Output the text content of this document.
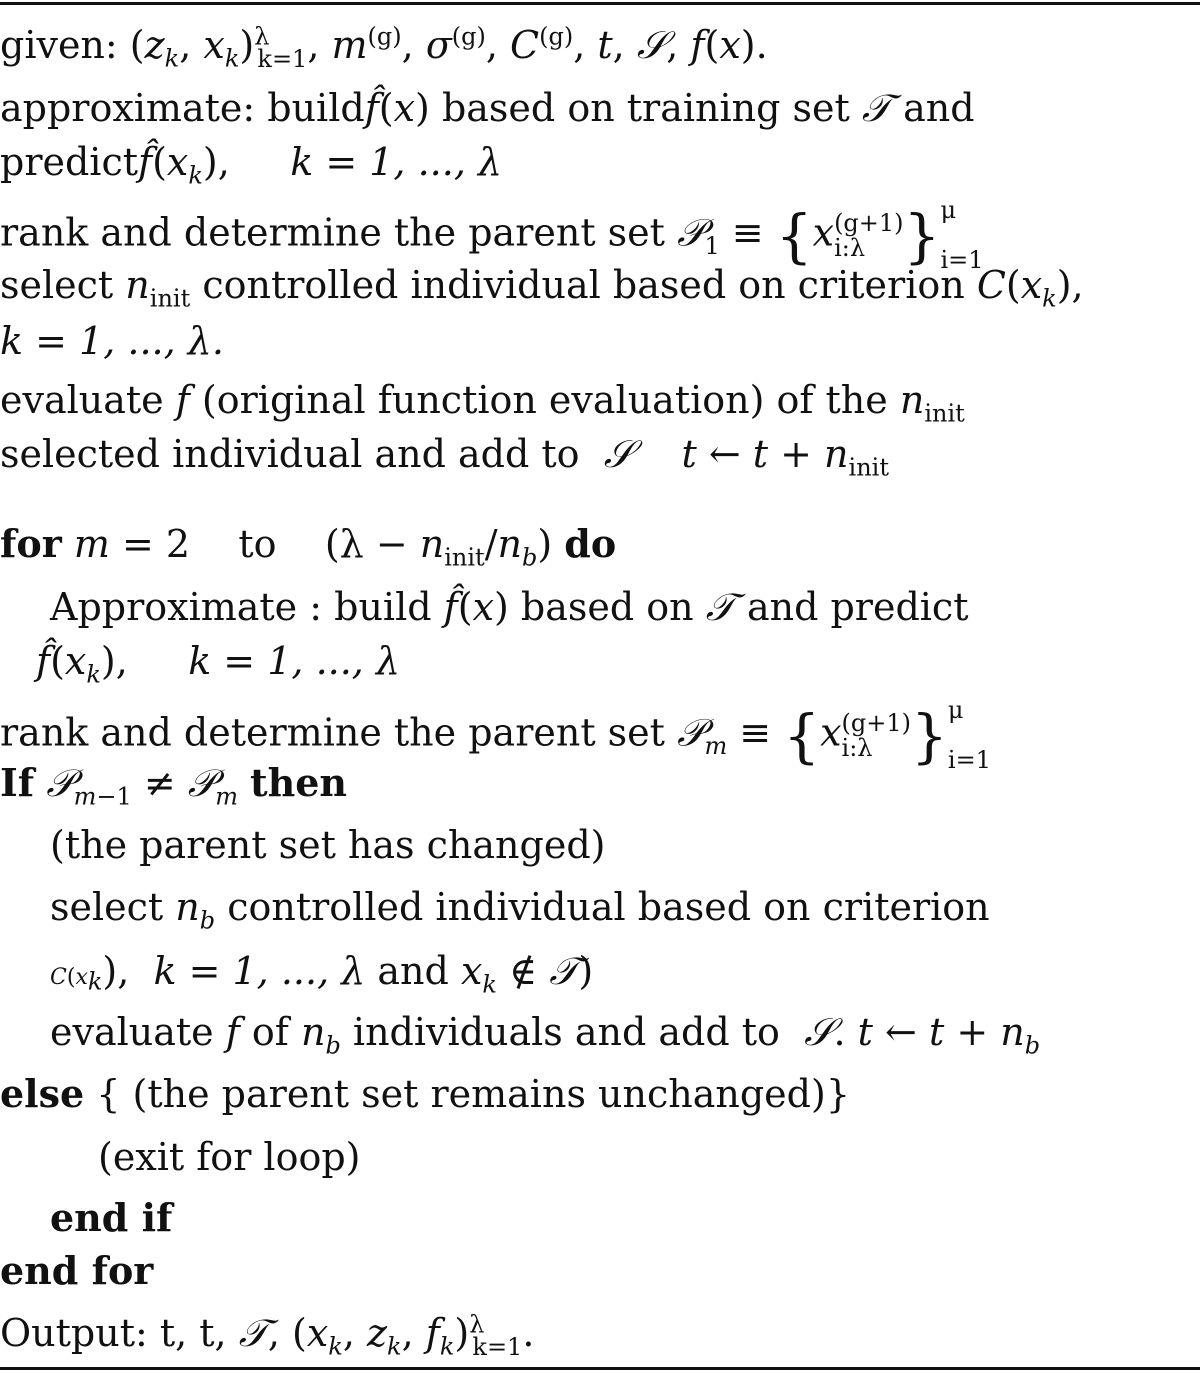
given: ($z_k$, $x_k)^\lambda_{k=1}$, $m^{(g)}$, $\sigma^{(g)}$, $C^{(g)}$, t, 𝒮, f(x).
approximate: buildf̂(x) based on training set 𝒯 and
$predictf̂(x_k)$,     k = 1, ..., λ
rank and determine the parent set 𝒫$_1$ ≡ {x (g+1)
i:λ } μ

i=1
select $n_{init}$ controlled individual based on criterion $C(x_k)$,
k = 1, ..., λ.
evaluate f (original function evaluation) of the $n_{init}$
selected individual and add to 𝒮 t ← $t + n_{init}$
for m = 2    to    $(\lambda - n_{init}/n_b)$ do
Approximate : build f̂(x) based on 𝒯 and predict
$f̂(x_k)$,     k = 1, ..., λ
rank and determine the parent set 𝒫$_m$ ≡ {x (g+1)
i:λ } μ

i=1
If 𝒫$_{m-1}$ ≠ 𝒫$_m$ then
(the parent set has changed)
select $n_b$ controlled individual based on criterion
$C(x_k)$,  k = 1, ..., λ and $x_k$ ∉ 𝒯)
evaluate f of $n_b$ individuals and add to 𝒮. t ← $t + n_b$
else { (the parent set remains unchanged)}
(exit for loop)
end if
end for
Output: t, t, 𝒯, ($x_k$, $z_k$, $f_k)^\lambda_{k=1}$.
